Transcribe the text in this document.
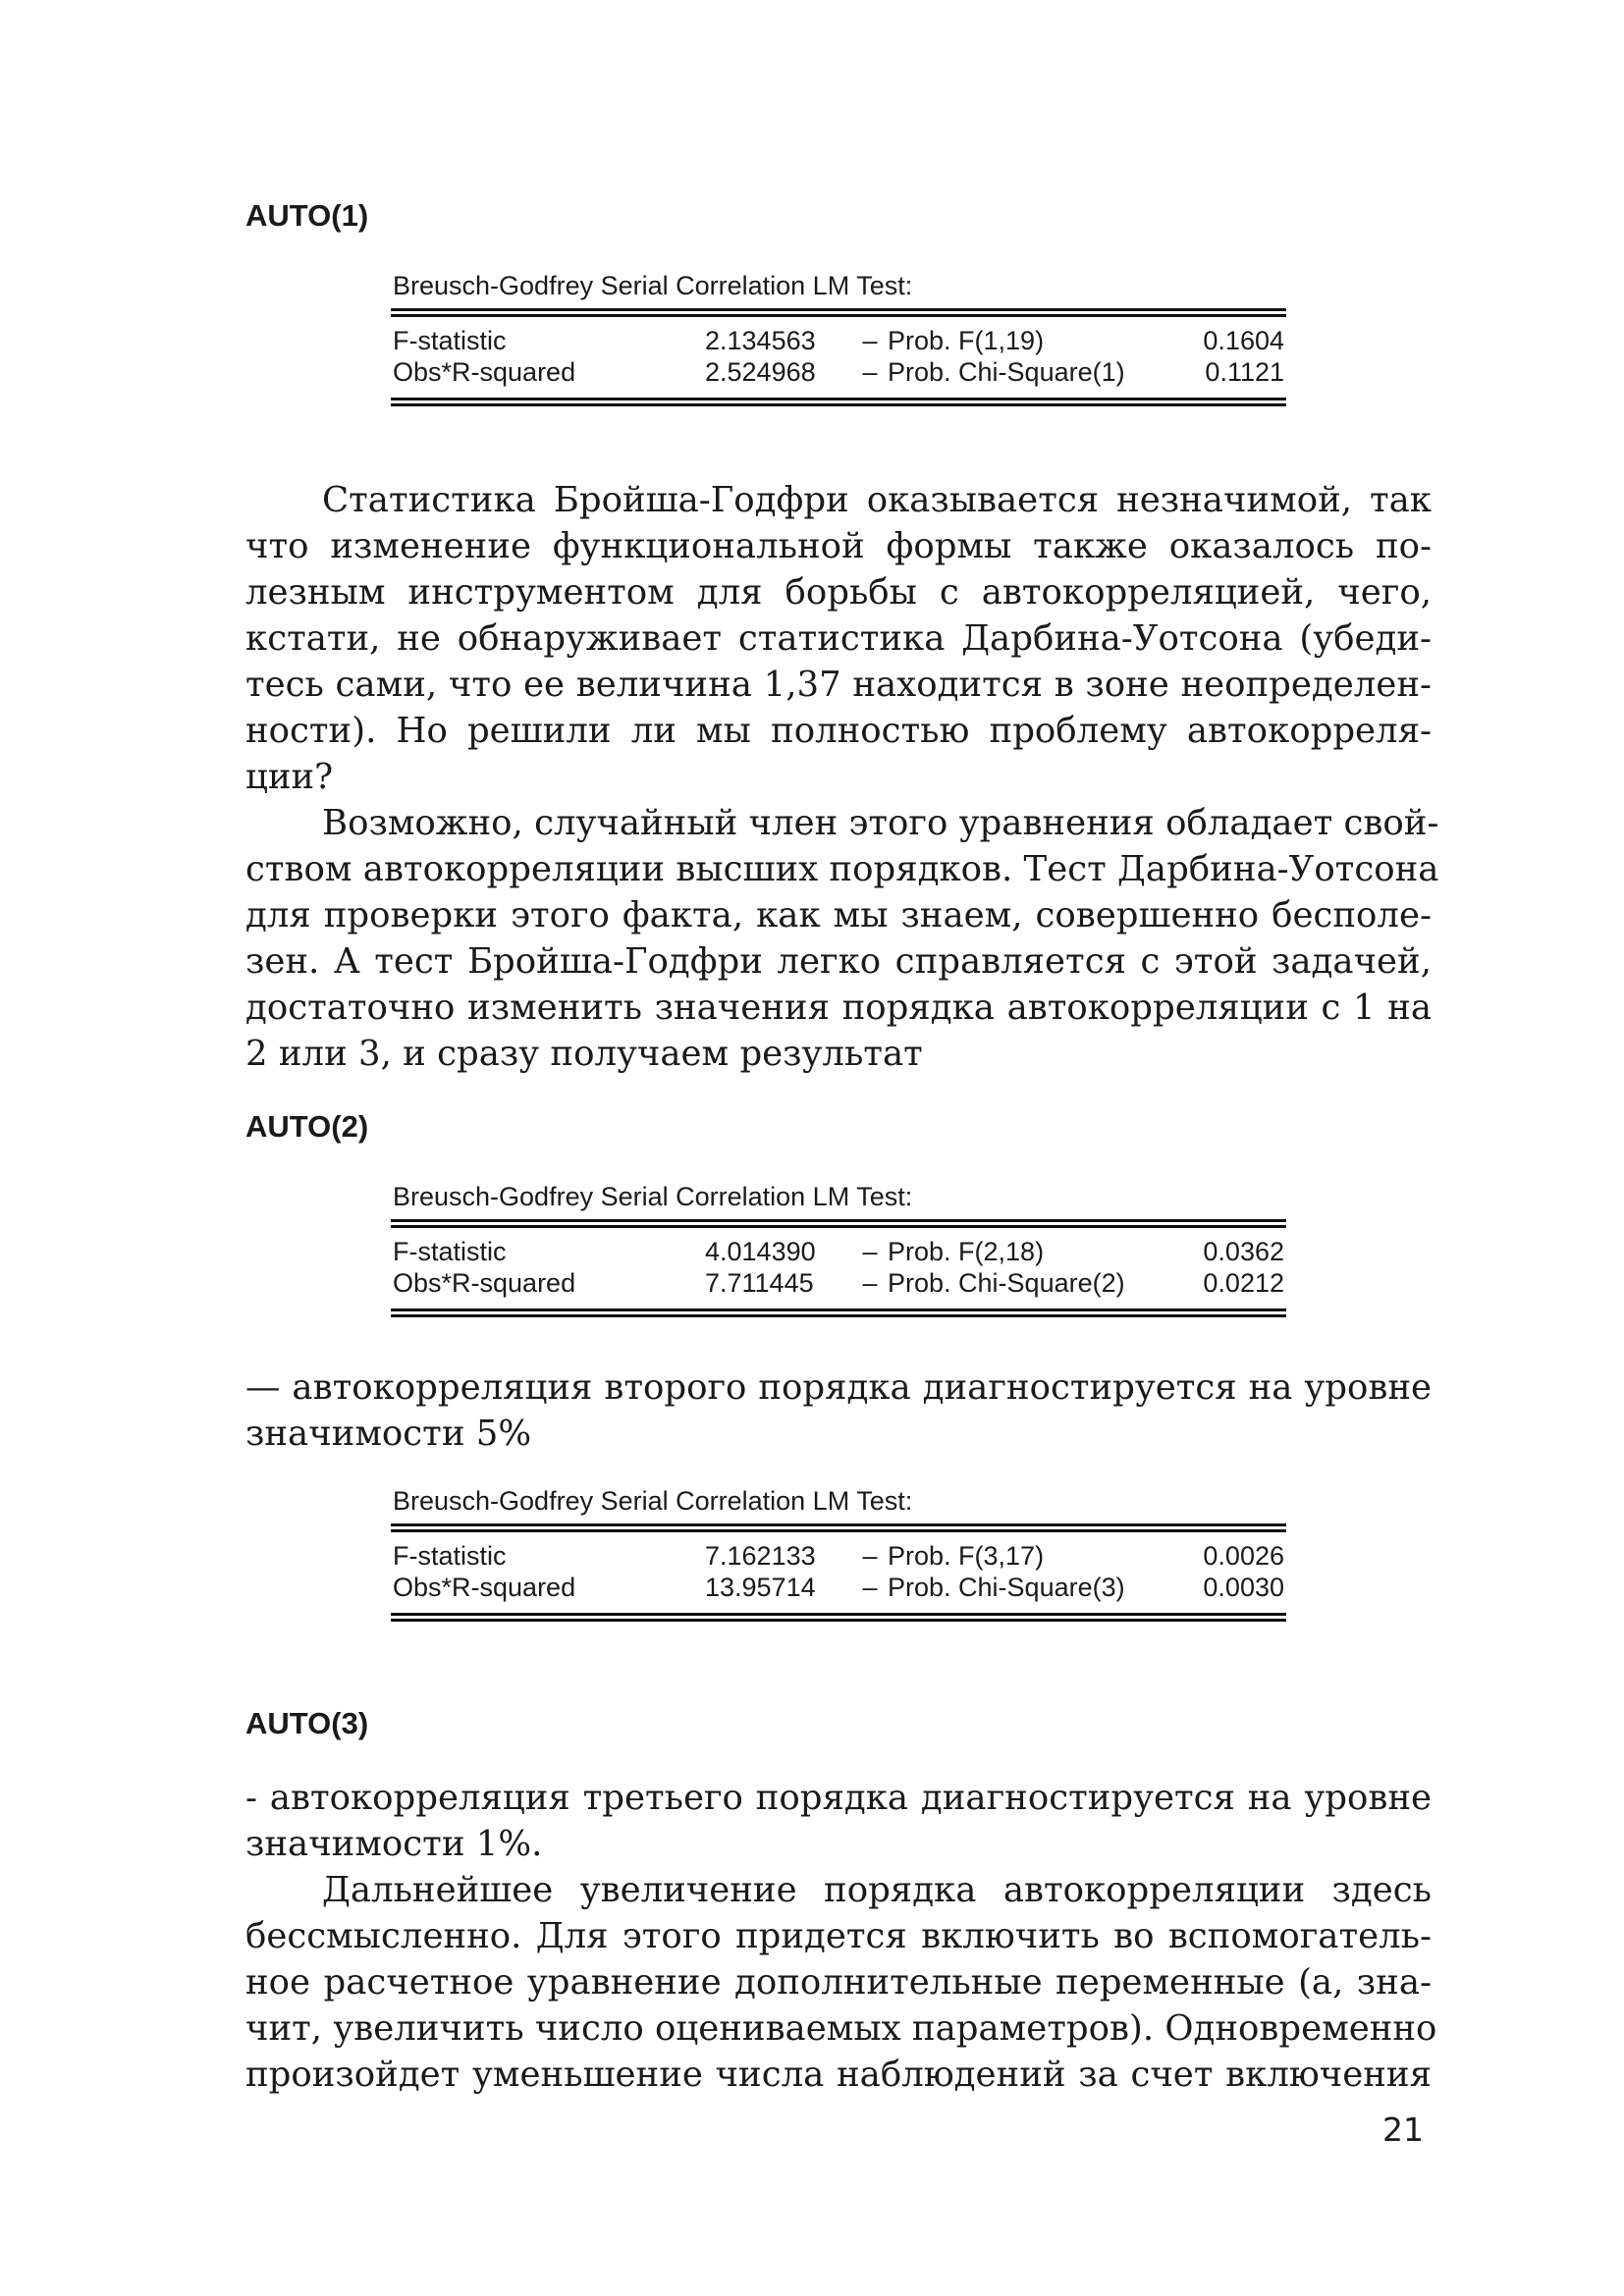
AUTO(1)
Breusch-Godfrey Serial Correlation LM Test:
F-statistic	2.134563	– Prob. F(1,19)	0.1604
Obs*R-squared	2.524968	– Prob. Chi-Square(1)	0.1121
Статистика Бройша-Годфри оказывается незначимой, так
что изменение функциональной формы также оказалось по-
лезным инструментом для борьбы с автокорреляцией, чего,
кстати, не обнаруживает статистика Дарбина-Уотсона (убеди-
тесь сами, что ее величина 1,37 находится в зоне неопределен-
ности). Но решили ли мы полностью проблему автокорреля-
ции?
Возможно, случайный член этого уравнения обладает свой-
ством автокорреляции высших порядков. Тест Дарбина-Уотсона
для проверки этого факта, как мы знаем, совершенно бесполе-
зен. А тест Бройша-Годфри легко справляется с этой задачей,
достаточно изменить значения порядка автокорреляции с 1 на
2 или 3, и сразу получаем результат
AUTO(2)
Breusch-Godfrey Serial Correlation LM Test:
F-statistic	4.014390	– Prob. F(2,18)	0.0362
Obs*R-squared	7.711445	– Prob. Chi-Square(2)	0.0212
— автокорреляция второго порядка диагностируется на уровне
значимости 5%
Breusch-Godfrey Serial Correlation LM Test:
F-statistic	7.162133	– Prob. F(3,17)	0.0026
Obs*R-squared	13.95714	– Prob. Chi-Square(3)	0.0030
AUTO(3)
- автокорреляция третьего порядка диагностируется на уровне
значимости 1%.
Дальнейшее увеличение порядка автокорреляции здесь
бессмысленно. Для этого придется включить во вспомогатель-
ное расчетное уравнение дополнительные переменные (а, зна-
чит, увеличить число оцениваемых параметров). Одновременно
произойдет уменьшение числа наблюдений за счет включения
21
